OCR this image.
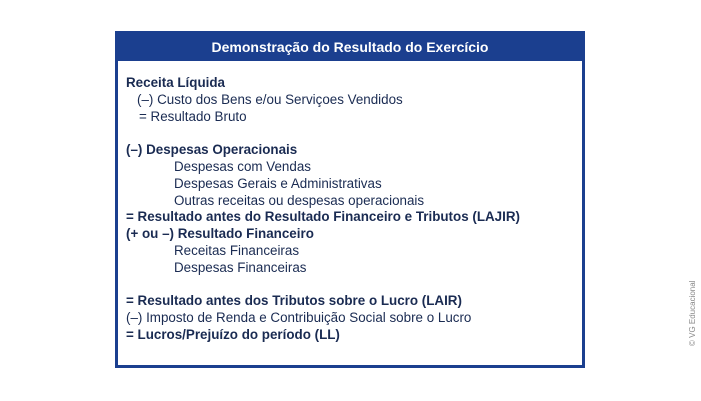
Demonstração do Resultado do Exercício
Receita Líquida
(–) Custo dos Bens e/ou Serviçoes Vendidos
= Resultado Bruto
(–) Despesas Operacionais
Despesas com Vendas
Despesas Gerais e Administrativas
Outras receitas ou despesas operacionais
= Resultado antes do Resultado Financeiro e Tributos (LAJIR)
(+ ou –) Resultado Financeiro
Receitas Financeiras
Despesas Financeiras
= Resultado antes dos Tributos sobre o Lucro (LAIR)
(–) Imposto de Renda e Contribuição Social sobre o Lucro
= Lucros/Prejuízo do período (LL)	© VG Educacional
